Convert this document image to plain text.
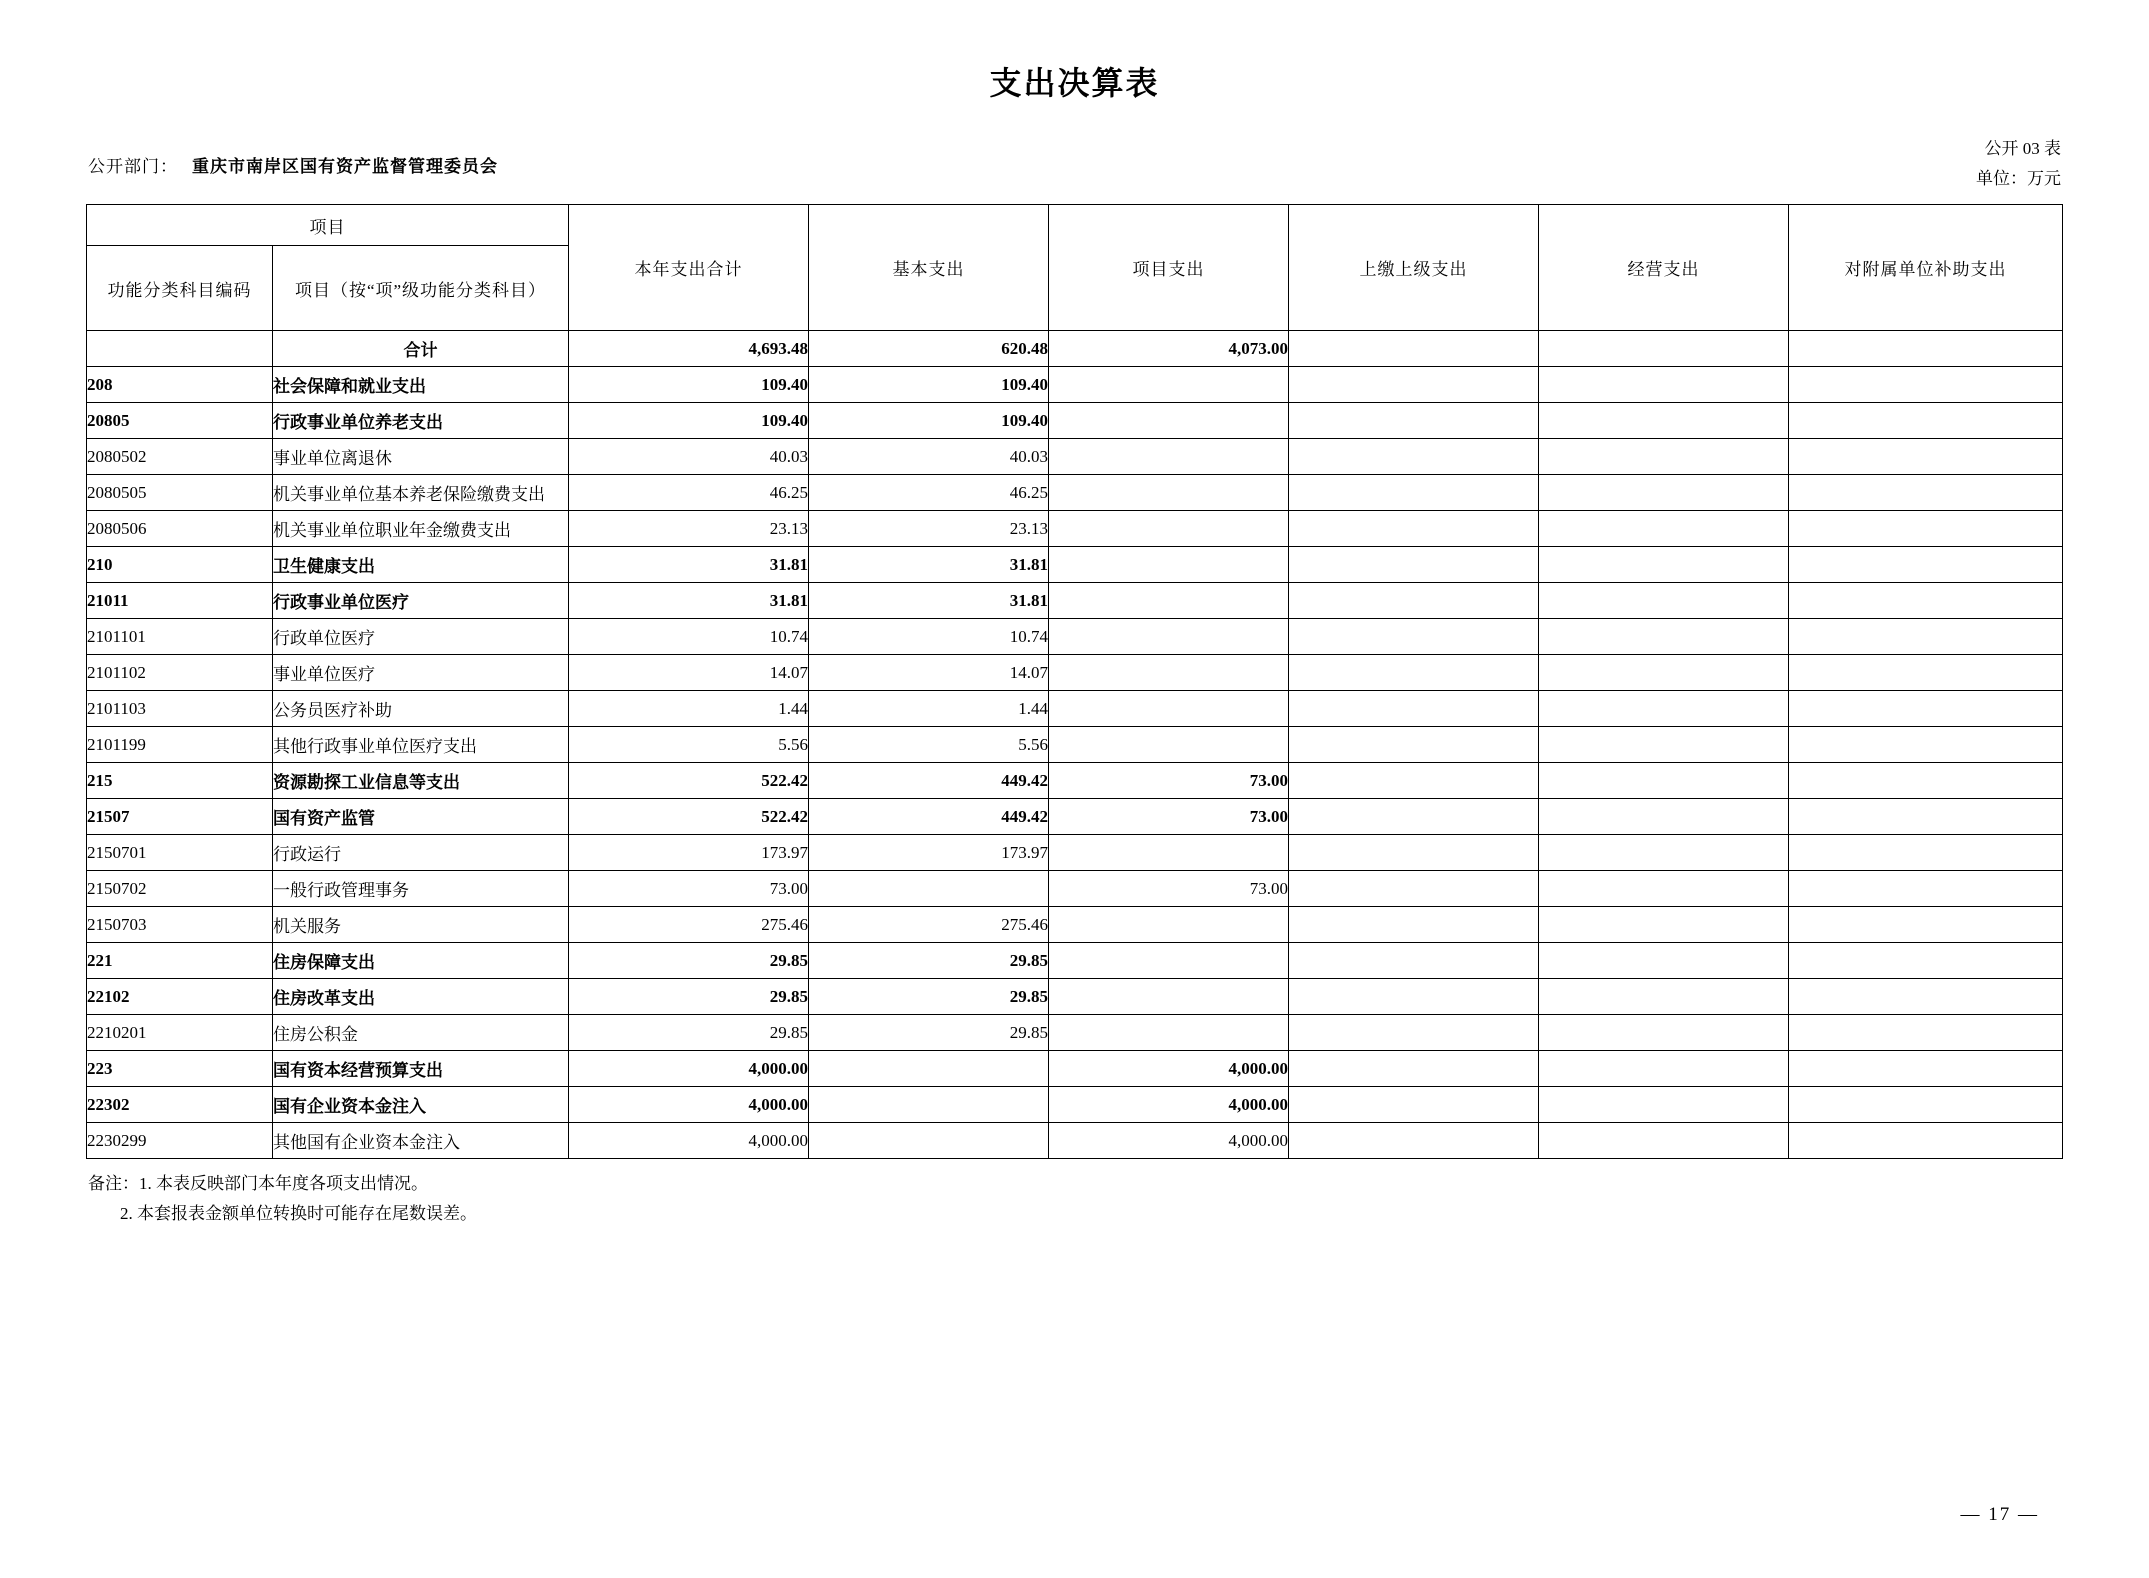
支出决算表
公开部门： 重庆市南岸区国有资产监督管理委员会
公开 03 表
单位：万元
项目		本年支出合计	基本支出	项目支出	上缴上级支出	经营支出	对附属单位补助支出
功能分类科目编码	项目（按“项”级功能分类科目）						
	合计	4,693.48	620.48	4,073.00			
208	社会保障和就业支出	109.40	109.40				
20805	行政事业单位养老支出	109.40	109.40				
2080502	事业单位离退休	40.03	40.03				
2080505	机关事业单位基本养老保险缴费支出	46.25	46.25				
2080506	机关事业单位职业年金缴费支出	23.13	23.13				
210	卫生健康支出	31.81	31.81				
21011	行政事业单位医疗	31.81	31.81				
2101101	行政单位医疗	10.74	10.74				
2101102	事业单位医疗	14.07	14.07				
2101103	公务员医疗补助	1.44	1.44				
2101199	其他行政事业单位医疗支出	5.56	5.56				
215	资源勘探工业信息等支出	522.42	449.42	73.00			
21507	国有资产监管	522.42	449.42	73.00			
2150701	行政运行	173.97	173.97				
2150702	一般行政管理事务	73.00		73.00			
2150703	机关服务	275.46	275.46				
221	住房保障支出	29.85	29.85				
22102	住房改革支出	29.85	29.85				
2210201	住房公积金	29.85	29.85				
223	国有资本经营预算支出	4,000.00		4,000.00			
22302	国有企业资本金注入	4,000.00		4,000.00			
2230299	其他国有企业资本金注入	4,000.00		4,000.00			
备注：1. 本表反映部门本年度各项支出情况。
2. 本套报表金额单位转换时可能存在尾数误差。
— 17 —
